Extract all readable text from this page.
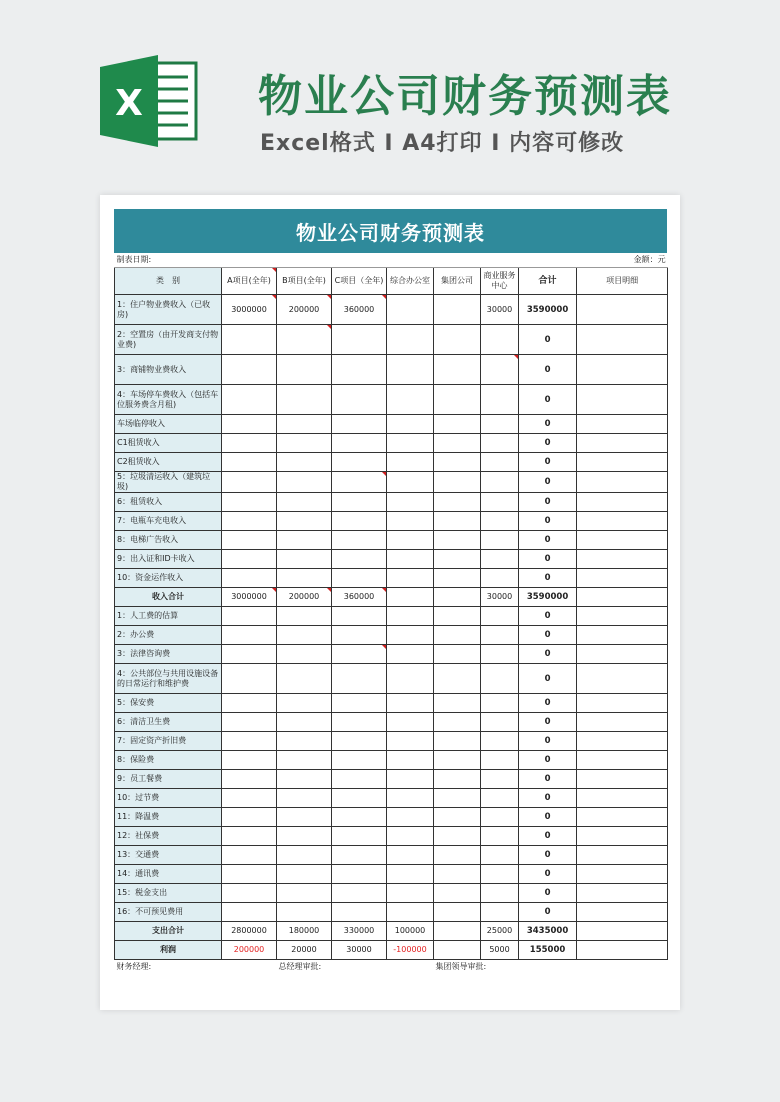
X	物业公司财务预测表
Excel格式 I A4打印 I 内容可修改
物业公司财务预测表
制表日期:								金额：元
类　别	A项目(全年)	B项目(全年)	C项目（全年)	综合办公室	集团公司	商业服务中心	合计	项目明细
1：住户物业费收入（已收房)	3000000	200000	360000			30000	3590000	
2：空置房（由开发商支付物业费)							0	
3：商铺物业费收入							0	
4：车场停车费收入（包括车位服务费含月租)							0	
车场临停收入							0	
C1租赁收入							0	
C2租赁收入							0	
5：垃圾清运收入（建筑垃圾)							0	
6：租赁收入							0	
7：电瓶车充电收入							0	
8：电梯广告收入							0	
9：出入证和ID卡收入							0	
10：资金运作收入							0	
收入合计	3000000	200000	360000			30000	3590000	
1：人工费的估算							0	
2：办公费							0	
3：法律咨询费							0	
4：公共部位与共用设施设备的日常运行和维护费							0	
5：保安费							0	
6：清洁卫生费							0	
7：固定资产折旧费							0	
8：保险费							0	
9：员工餐费							0	
10：过节费							0	
11：降温费							0	
12：社保费							0	
13：交通费							0	
14：通讯费							0	
15：税金支出							0	
16：不可预见费用							0	
支出合计	2800000	180000	330000	100000		25000	3435000	
利润	200000	20000	30000	-100000		5000	155000	
财务经理:		总经理审批:			集团领导审批:			
